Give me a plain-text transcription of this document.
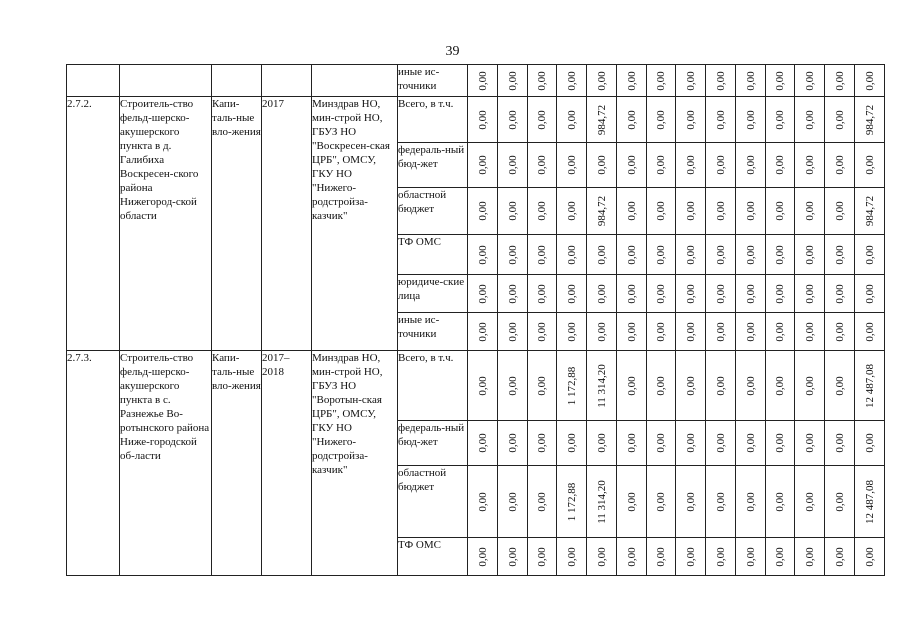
39
					иные ис-точники	0,00	0,00	0,00	0,00	0,00	0,00	0,00	0,00	0,00	0,00	0,00	0,00	0,00	0,00

2.7.2.	Строитель-ство фельд-шерско-акушерского пункта в д. Галибиха Воскресен-ского района Нижегород-ской области	Капи-таль-ные вло-жения	2017	Минздрав НО, мин-строй НО, ГБУЗ НО "Воскресен-ская ЦРБ", ОМСУ, ГКУ НО "Нижего-родстройза-казчик"	Всего, в т.ч.	0,00	0,00	0,00	0,00	984,72	0,00	0,00	0,00	0,00	0,00	0,00	0,00	0,00	984,72

					федераль-ный бюд-жет	0,00	0,00	0,00	0,00	0,00	0,00	0,00	0,00	0,00	0,00	0,00	0,00	0,00	0,00

					областной бюджет	0,00	0,00	0,00	0,00	984,72	0,00	0,00	0,00	0,00	0,00	0,00	0,00	0,00	984,72

					ТФ ОМС	0,00	0,00	0,00	0,00	0,00	0,00	0,00	0,00	0,00	0,00	0,00	0,00	0,00	0,00

					юридиче-ские лица	0,00	0,00	0,00	0,00	0,00	0,00	0,00	0,00	0,00	0,00	0,00	0,00	0,00	0,00

					иные ис-точники	0,00	0,00	0,00	0,00	0,00	0,00	0,00	0,00	0,00	0,00	0,00	0,00	0,00	0,00

2.7.3.	Строитель-ство фельд-шерско-акушерского пункта в с. Разнежье Во-ротынского района Ниже-городской об-ласти	Капи-таль-ные вло-жения	2017–2018	Минздрав НО, мин-строй НО, ГБУЗ НО "Воротын-ская ЦРБ", ОМСУ, ГКУ НО "Нижего-родстройза-казчик"	Всего, в т.ч.	0,00	0,00	0,00	1 172,88	11 314,20	0,00	0,00	0,00	0,00	0,00	0,00	0,00	0,00	12 487,08

					федераль-ный бюд-жет	0,00	0,00	0,00	0,00	0,00	0,00	0,00	0,00	0,00	0,00	0,00	0,00	0,00	0,00

					областной бюджет	0,00	0,00	0,00	1 172,88	11 314,20	0,00	0,00	0,00	0,00	0,00	0,00	0,00	0,00	12 487,08

					ТФ ОМС	0,00	0,00	0,00	0,00	0,00	0,00	0,00	0,00	0,00	0,00	0,00	0,00	0,00	0,00
